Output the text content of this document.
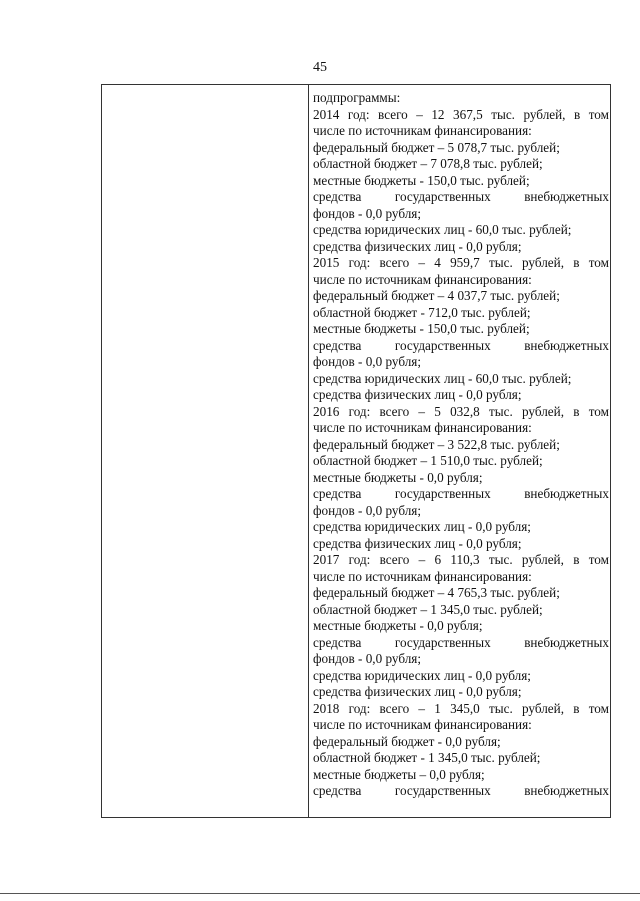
45
подпрограммы:
2014 год: всего – 12 367,5 тыс. рублей, в том
числе по источникам финансирования:
федеральный бюджет – 5 078,7 тыс. рублей;
областной бюджет – 7 078,8 тыс. рублей;
местные бюджеты - 150,0 тыс. рублей;
средства государственных внебюджетных
фондов - 0,0 рубля;
средства юридических лиц - 60,0 тыс. рублей;
средства физических лиц - 0,0 рубля;
2015 год: всего – 4 959,7 тыс. рублей, в том
числе по источникам финансирования:
федеральный бюджет – 4 037,7 тыс. рублей;
областной бюджет - 712,0 тыс. рублей;
местные бюджеты - 150,0 тыс. рублей;
средства государственных внебюджетных
фондов - 0,0 рубля;
средства юридических лиц - 60,0 тыс. рублей;
средства физических лиц - 0,0 рубля;
2016 год: всего – 5 032,8 тыс. рублей, в том
числе по источникам финансирования:
федеральный бюджет – 3 522,8 тыс. рублей;
областной бюджет – 1 510,0 тыс. рублей;
местные бюджеты - 0,0 рубля;
средства государственных внебюджетных
фондов - 0,0 рубля;
средства юридических лиц - 0,0 рубля;
средства физических лиц - 0,0 рубля;
2017 год: всего – 6 110,3 тыс. рублей, в том
числе по источникам финансирования:
федеральный бюджет – 4 765,3 тыс. рублей;
областной бюджет – 1 345,0 тыс. рублей;
местные бюджеты - 0,0 рубля;
средства государственных внебюджетных
фондов - 0,0 рубля;
средства юридических лиц - 0,0 рубля;
средства физических лиц - 0,0 рубля;
2018 год: всего – 1 345,0 тыс. рублей, в том
числе по источникам финансирования:
федеральный бюджет - 0,0 рубля;
областной бюджет - 1 345,0 тыс. рублей;
местные бюджеты – 0,0 рубля;
средства государственных внебюджетных
